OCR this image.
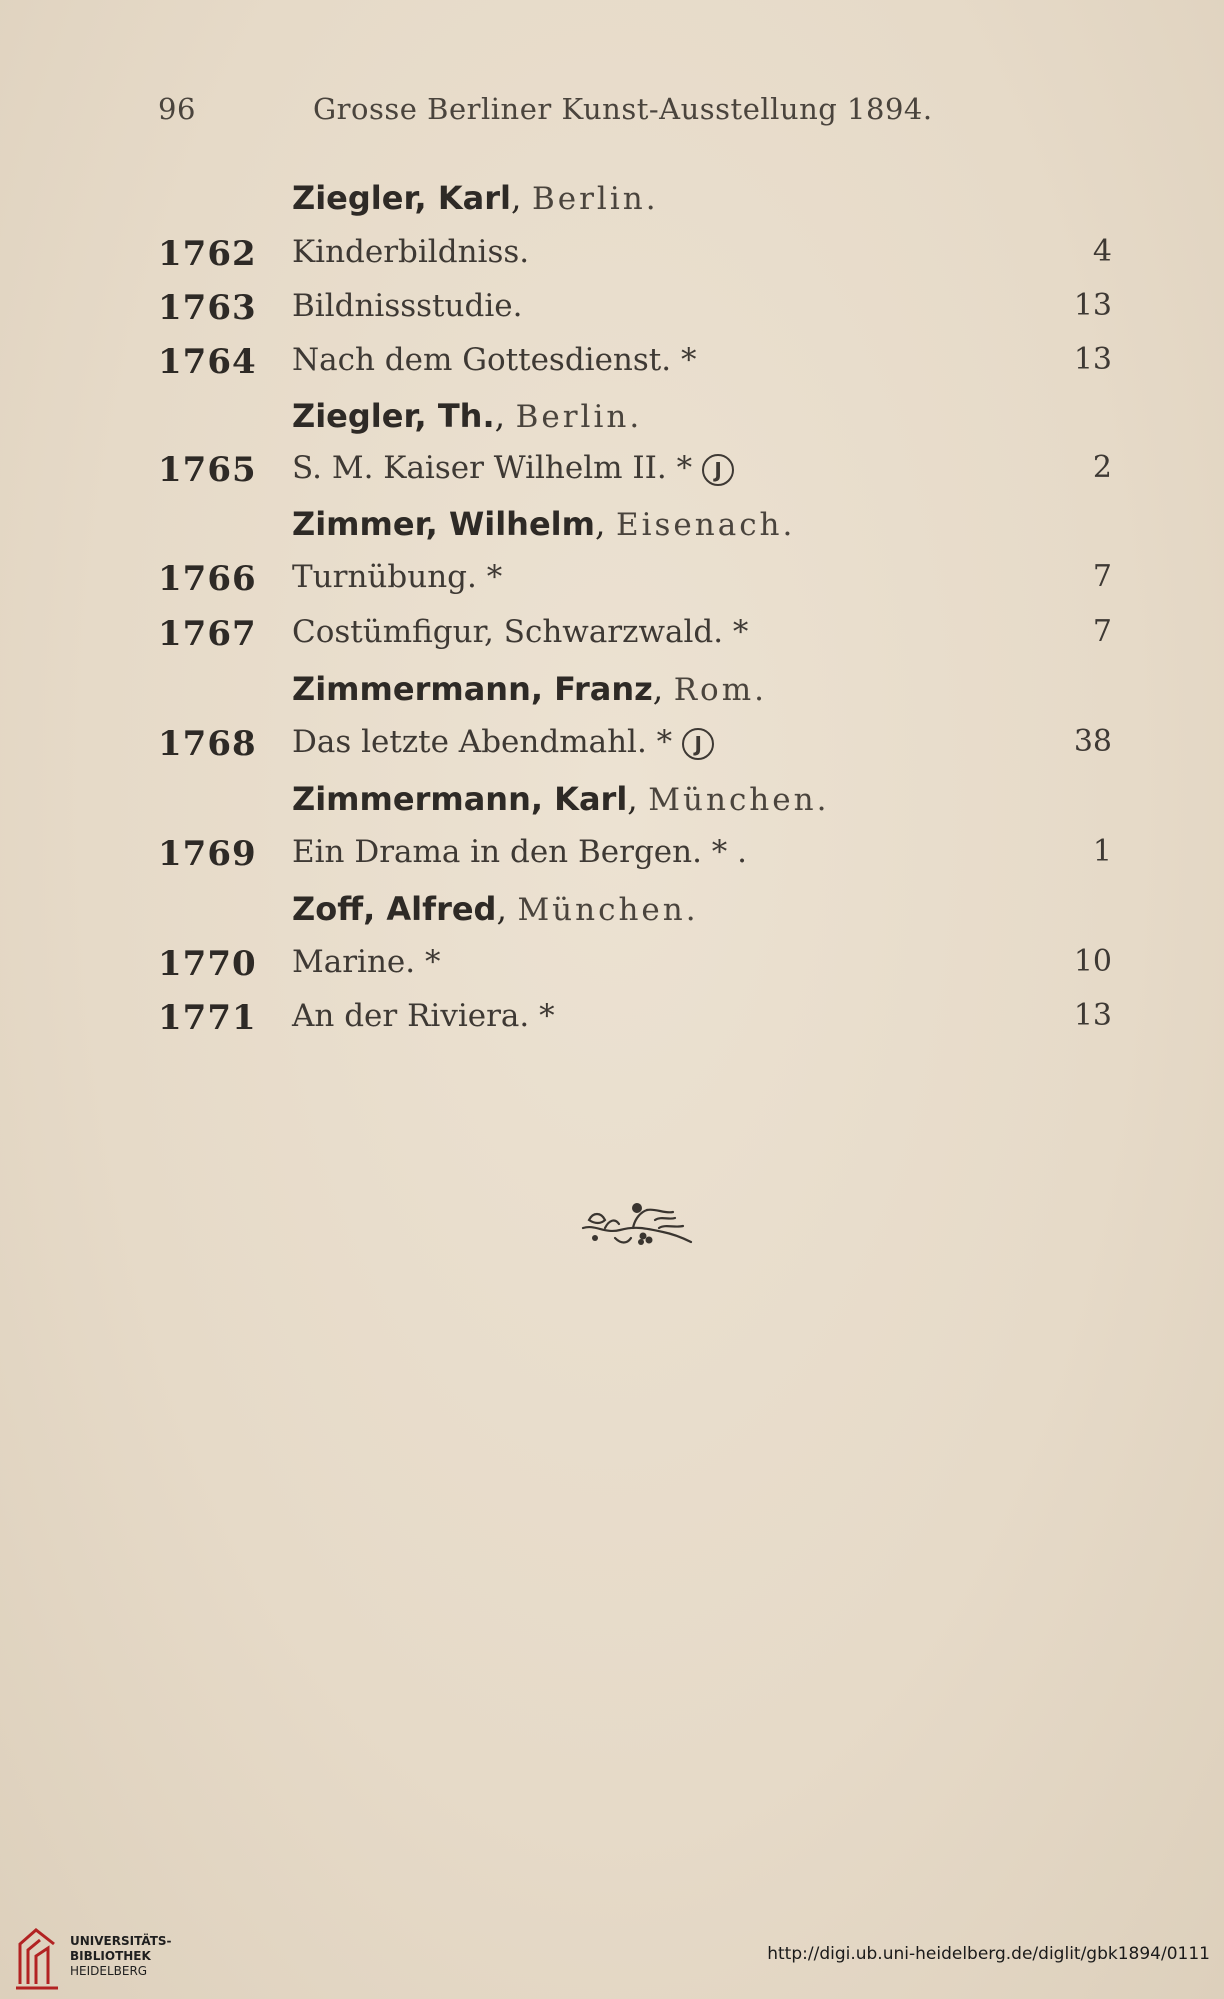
96	Grosse Berliner Kunst-Ausstellung 1894.
Ziegler, Karl, Berlin.
1762	Kinderbildniss.	4
1763	Bildnissstudie.	13
1764	Nach dem Gottesdienst. *	13
Ziegler, Th., Berlin.
1765	S. M. Kaiser Wilhelm II. * J	2
Zimmer, Wilhelm, Eisenach.
1766	Turnübung. *	7
1767	Costümfigur, Schwarzwald. *	7
Zimmermann, Franz, Rom.
1768	Das letzte Abendmahl. * J	38
Zimmermann, Karl, München.
1769	Ein Drama in den Bergen. * .	1
Zoff, Alfred, München.
1770	Marine. *	10
1771	An der Riviera. *	13
UNIVERSITÄTS-
BIBLIOTHEK
HEIDELBERG
http://digi.ub.uni-heidelberg.de/diglit/gbk1894/0111
